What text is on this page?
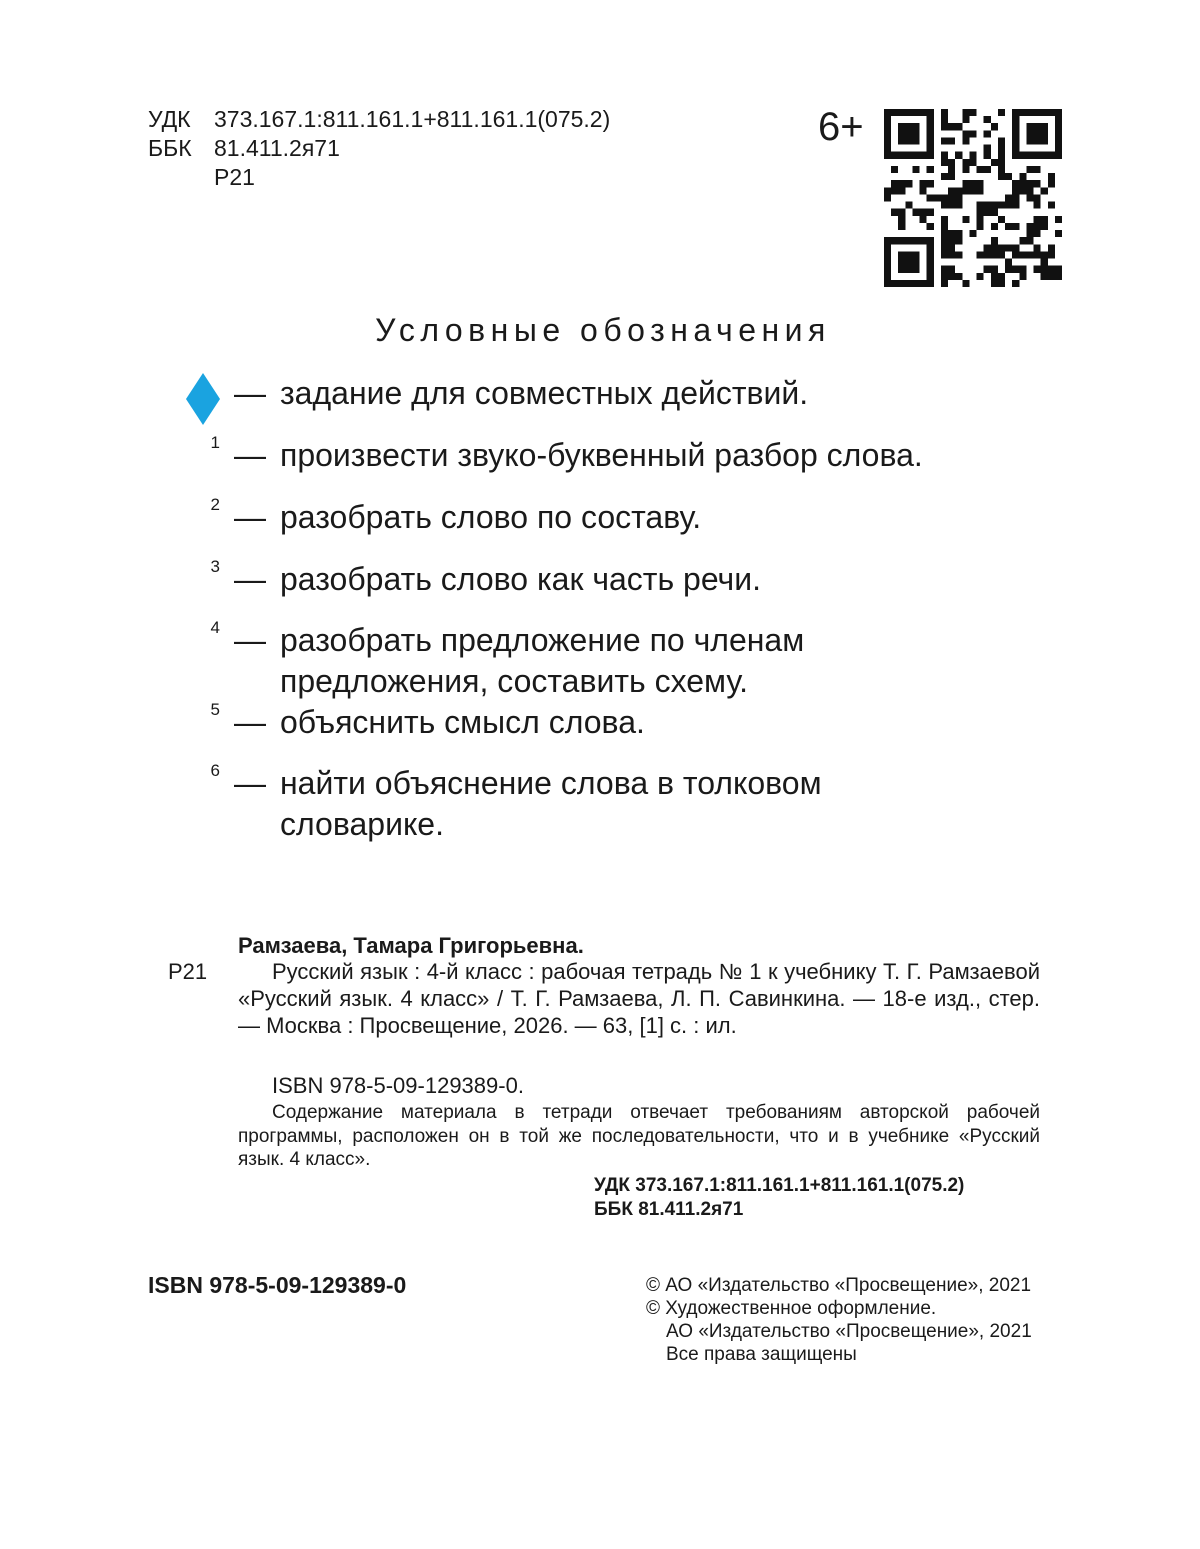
УДК 373.167.1:811.161.1+811.161.1(075.2)
ББК 81.411.2я71
Р21
6+
Условные обозначения
— задание для совместных действий.
1 — произвести звуко-буквенный разбор слова.
2 — разобрать слово по составу.
3 — разобрать слово как часть речи.
4 — разобрать предложение по членам
предложения, составить схему.
5 — объяснить смысл слова.
6 — найти объяснение слова в толковом
словарике.
Рамзаева, Тамара Григорьевна.
Р21	Русский язык : 4-й класс : рабочая тетрадь № 1 к учебнику Т. Г. Рамзаевой «Русский язык. 4 класс» / Т. Г. Рамзаева, Л. П. Савинкина. — 18-е изд., стер. — Москва : Просвещение, 2026. — 63, [1] с. : ил.
ISBN 978-5-09-129389-0.
Содержание материала в тетради отвечает требованиям авторской рабочей программы, расположен он в той же последовательности, что и в учебнике «Русский язык. 4 класс».
УДК 373.167.1:811.161.1+811.161.1(075.2)
ББК 81.411.2я71
ISBN 978-5-09-129389-0	© АО «Издательство «Просвещение», 2021
© Художественное оформление.
АО «Издательство «Просвещение», 2021
Все права защищены
